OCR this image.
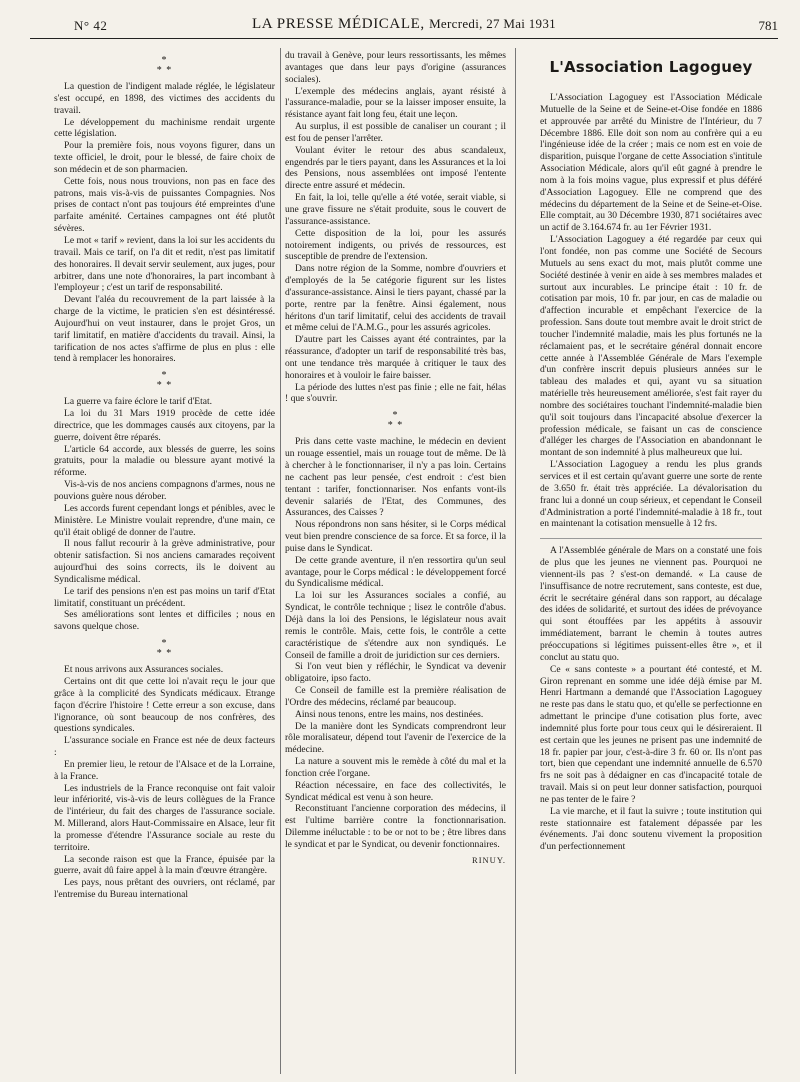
N° 42	LA PRESSE MÉDICALE, Mercredi, 27 Mai 1931	781
*
* *

La question de l'indigent malade réglée, le législateur s'est occupé, en 1898, des victimes des accidents du travail.

Le développement du machinisme rendait urgente cette législation.

Pour la première fois, nous voyons figurer, dans un texte officiel, le droit, pour le blessé, de faire choix de son médecin et de son pharmacien.

Cette fois, nous nous trouvions, non pas en face des patrons, mais vis-à-vis de puissantes Compagnies. Nos prises de contact n'ont pas toujours été empreintes d'une parfaite aménité. Certaines campagnes ont été plutôt sévères.

Le mot « tarif » revient, dans la loi sur les accidents du travail. Mais ce tarif, on l'a dit et redit, n'est pas limitatif des honoraires. Il devait servir seulement, aux juges, pour arbitrer, dans une note d'honoraires, la part incombant à l'employeur ; c'est un tarif de responsabilité.

Devant l'aléa du recouvrement de la part laissée à la charge de la victime, le praticien s'en est désintéressé. Aujourd'hui on veut instaurer, dans le projet Gros, un tarif limitatif, en matière d'accidents du travail. Ainsi, la tarification de nos actes s'affirme de plus en plus : elle tend à remplacer les honoraires.

*
* *

La guerre va faire éclore le tarif d'Etat.

La loi du 31 Mars 1919 procède de cette idée directrice, que les dommages causés aux citoyens, par la guerre, doivent être réparés.

L'article 64 accorde, aux blessés de guerre, les soins gratuits, pour la maladie ou blessure ayant motivé la réforme.

Vis-à-vis de nos anciens compagnons d'armes, nous ne pouvions guère nous dérober.

Les accords furent cependant longs et pénibles, avec le Ministère. Le Ministre voulait reprendre, d'une main, ce qu'il était obligé de donner de l'autre.

Il nous fallut recourir à la grève administrative, pour obtenir satisfaction. Si nos anciens camarades reçoivent aujourd'hui des soins corrects, ils le doivent au Syndicalisme médical.

Le tarif des pensions n'en est pas moins un tarif d'Etat limitatif, constituant un précédent.

Ses améliorations sont lentes et difficiles ; nous en savons quelque chose.

*
* *

Et nous arrivons aux Assurances sociales.

Certains ont dit que cette loi n'avait reçu le jour que grâce à la complicité des Syndicats médicaux. Etrange façon d'écrire l'histoire ! Cette erreur a son excuse, dans l'ignorance, où sont beaucoup de nos confrères, des questions syndicales.

L'assurance sociale en France est née de deux facteurs :

En premier lieu, le retour de l'Alsace et de la Lorraine, à la France.

Les industriels de la France reconquise ont fait valoir leur infériorité, vis-à-vis de leurs collègues de la France de l'intérieur, du fait des charges de l'assurance sociale. M. Millerand, alors Haut-Commissaire en Alsace, leur fit la promesse d'étendre l'Assurance sociale au reste du territoire.

La seconde raison est que la France, épuisée par la guerre, avait dû faire appel à la main d'œuvre étrangère.

Les pays, nous prêtant des ouvriers, ont réclamé, par l'entremise du Bureau international

du travail à Genève, pour leurs ressortissants, les mêmes avantages que dans leur pays d'origine (assurances sociales).

L'exemple des médecins anglais, ayant résisté à l'assurance-maladie, pour se la laisser imposer ensuite, la résistance ayant fait long feu, était une leçon.

Au surplus, il est possible de canaliser un courant ; il est fou de penser l'arrêter.

Voulant éviter le retour des abus scandaleux, engendrés par le tiers payant, dans les Assurances et la loi des Pensions, nous assemblées ont imposé l'entente directe entre assuré et médecin.

En fait, la loi, telle qu'elle a été votée, serait viable, si une grave fissure ne s'était produite, sous le couvert de l'assurance-assistance.

Cette disposition de la loi, pour les assurés notoirement indigents, ou privés de ressources, est susceptible de prendre de l'extension.

Dans notre région de la Somme, nombre d'ouvriers et d'employés de la 5e catégorie figurent sur les listes d'assurance-assistance. Ainsi le tiers payant, chassé par la porte, rentre par la fenêtre. Ainsi également, nous héritons d'un tarif limitatif, celui des accidents de travail et même celui de l'A.M.G., pour les assurés agricoles.

D'autre part les Caisses ayant été contraintes, par la réassurance, d'adopter un tarif de responsabilité très bas, ont une tendance très marquée à critiquer le taux des honoraires et à vouloir le faire baisser.

La période des luttes n'est pas finie ; elle ne fait, hélas ! que s'ouvrir.

*
* *

Pris dans cette vaste machine, le médecin en devient un rouage essentiel, mais un rouage tout de même. De là à chercher à le fonctionnariser, il n'y a pas loin. Certains ne cachent pas leur pensée, c'est endroit : c'est bien tentant : tarifer, fonctionnariser. Nos enfants vont-ils devenir salariés de l'Etat, des Communes, des Assurances, des Caisses ?

Nous répondrons non sans hésiter, si le Corps médical veut bien prendre conscience de sa force. Et sa force, il la puise dans le Syndicat.

De cette grande aventure, il n'en ressortira qu'un seul avantage, pour le Corps médical : le développement forcé du Syndicalisme médical.

La loi sur les Assurances sociales a confié, au Syndicat, le contrôle technique ; lisez le contrôle d'abus. Déjà dans la loi des Pensions, le législateur nous avait remis le contrôle. Mais, cette fois, le contrôle a cette caractéristique de s'étendre aux non syndiqués. Le Conseil de famille a droit de juridiction sur ces derniers.

Si l'on veut bien y réfléchir, le Syndicat va devenir obligatoire, ipso facto.

Ce Conseil de famille est la première réalisation de l'Ordre des médecins, réclamé par beaucoup.

Ainsi nous tenons, entre les mains, nos destinées.

De la manière dont les Syndicats comprendront leur rôle moralisateur, dépend tout l'avenir de l'exercice de la médecine.

La nature a souvent mis le remède à côté du mal et la fonction crée l'organe.

Réaction nécessaire, en face des collectivités, le Syndicat médical est venu à son heure.

Reconstituant l'ancienne corporation des médecins, il est l'ultime barrière contre la fonctionnarisation. Dilemme inéluctable : to be or not to be ; être libres dans le syndicat et par le Syndicat, ou devenir fonctionnaires.

RINUY.
L'Association Lagoguey

L'Association Lagoguey est l'Association Médicale Mutuelle de la Seine et de Seine-et-Oise fondée en 1886 et approuvée par arrêté du Ministre de l'Intérieur, du 7 Décembre 1886. Elle doit son nom au confrère qui a eu l'ingénieuse idée de la créer ; mais ce nom est en voie de disparition, puisque l'organe de cette Association s'intitule Association Médicale, alors qu'il eût gagné à prendre le nom à la fois moins vague, plus expressif et plus déféré d'Association Lagoguey. Elle ne comprend que des médecins du département de la Seine et de Seine-et-Oise. Elle comptait, au 30 Décembre 1930, 871 sociétaires avec un actif de 3.164.674 fr. au 1er Février 1931.

L'Association Lagoguey a été regardée par ceux qui l'ont fondée, non pas comme une Société de Secours Mutuels au sens exact du mot, mais plutôt comme une Société destinée à venir en aide à ses membres malades et surtout aux incurables. Le principe était : 10 fr. de cotisation par mois, 10 fr. par jour, en cas de maladie ou d'affection incurable et empêchant l'exercice de la profession. Sans doute tout membre avait le droit strict de toucher l'indemnité maladie, mais les plus fortunés ne la réclamaient pas, et le secrétaire général donnait encore cette année à l'Assemblée Générale de Mars l'exemple d'un confrère inscrit depuis plusieurs années sur le tableau des malades et qui, ayant vu sa situation matérielle très heureusement améliorée, s'est fait rayer du nombre des sociétaires touchant l'indemnité-maladie bien qu'il soit toujours dans l'incapacité absolue d'exercer la profession médicale, se faisant un cas de conscience d'alléger les charges de l'Association en abandonnant le montant de son indemnité à plus malheureux que lui.

L'Association Lagoguey a rendu les plus grands services et il est certain qu'avant guerre une sorte de rente de 3.650 fr. était très appréciée. La dévalorisation du franc lui a donné un coup sérieux, et cependant le Conseil d'Administration a porté l'indemnité-maladie à 18 fr., tout en maintenant la cotisation mensuelle à 12 frs.

A l'Assemblée générale de Mars on a constaté une fois de plus que les jeunes ne viennent pas. Pourquoi ne viennent-ils pas ? s'est-on demandé. « La cause de l'insuffisance de notre recrutement, sans conteste, est due, écrit le secrétaire général dans son rapport, au décalage des idées de solidarité, et surtout des idées de prévoyance qui sont étouffées par les appétits à assouvir immédiatement, barrant le chemin à toutes autres préoccupations si légitimes puissent-elles être », et il conclut au statu quo.

Ce « sans conteste » a pourtant été contesté, et M. Giron reprenant en somme une idée déjà émise par M. Henri Hartmann a demandé que l'Association Lagoguey ne reste pas dans le statu quo, et qu'elle se perfectionne en admettant le principe d'une cotisation plus forte, avec indemnité plus forte pour tous ceux qui le désireraient. Il est certain que les jeunes ne prisent pas une indemnité de 18 fr. papier par jour, c'est-à-dire 3 fr. 60 or. Ils n'ont pas tort, bien que cependant une indemnité annuelle de 6.570 frs ne soit pas à dédaigner en cas d'incapacité totale de travail. Mais si on peut leur donner satisfaction, pourquoi ne pas tenter de le faire ?

La vie marche, et il faut la suivre ; toute institution qui reste stationnaire est fatalement dépassée par les événements. J'ai donc soutenu vivement la proposition d'un perfectionnement
